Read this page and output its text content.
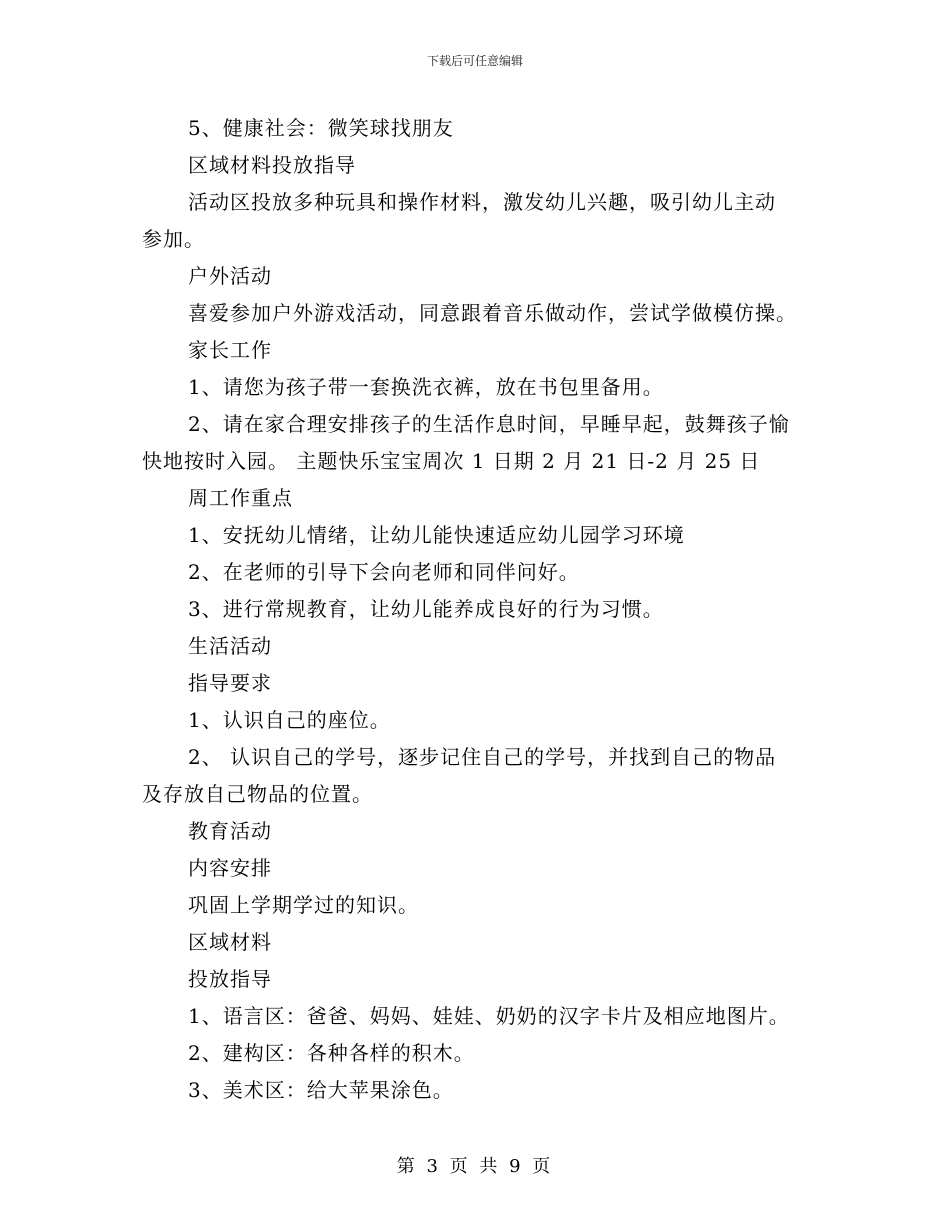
下载后可任意编辑
5、健康社会：微笑球找朋友
区域材料投放指导
活动区投放多种玩具和操作材料，激发幼儿兴趣，吸引幼儿主动
参加。
户外活动
喜爱参加户外游戏活动，同意跟着音乐做动作，尝试学做模仿操。
家长工作
1、请您为孩子带一套换洗衣裤，放在书包里备用。
2、请在家合理安排孩子的生活作息时间，早睡早起，鼓舞孩子愉
快地按时入园。 主题快乐宝宝周次 1 日期 2 月 21 日-2 月 25 日
周工作重点
1、安抚幼儿情绪，让幼儿能快速适应幼儿园学习环境
2、在老师的引导下会向老师和同伴问好。
3、进行常规教育，让幼儿能养成良好的行为习惯。
生活活动
指导要求
1、认识自己的座位。
2、 认识自己的学号，逐步记住自己的学号，并找到自己的物品
及存放自己物品的位置。
教育活动
内容安排
巩固上学期学过的知识。
区域材料
投放指导
1、语言区：爸爸、妈妈、娃娃、奶奶的汉字卡片及相应地图片。
2、建构区：各种各样的积木。
3、美术区：给大苹果涂色。
第 3 页 共 9 页
